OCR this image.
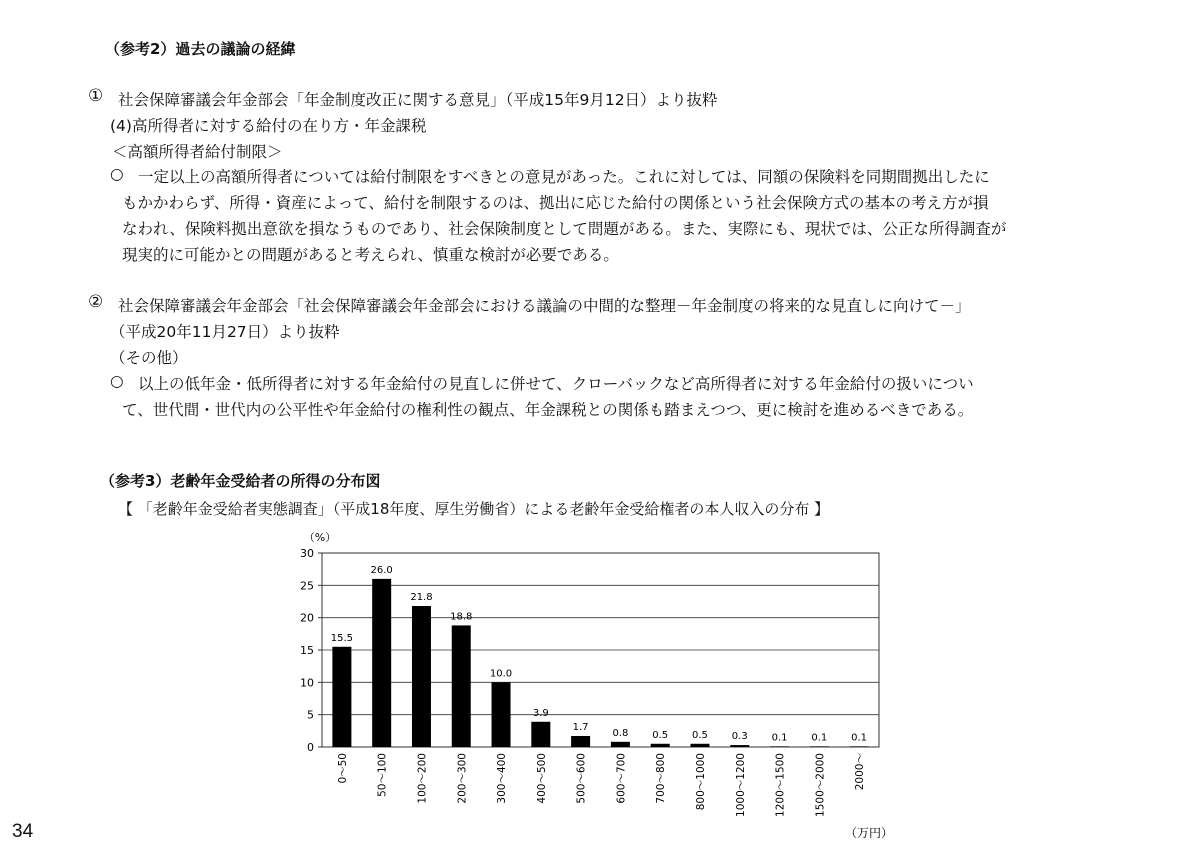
（参考2）過去の議論の経緯
① 社会保障審議会年金部会「年金制度改正に関する意見」（平成15年9月12日）より抜粋
(4)高所得者に対する給付の在り方・年金課税
＜高額所得者給付制限＞
○ 一定以上の高額所得者については給付制限をすべきとの意見があった。これに対しては、同額の保険料を同期間拠出したに
もかかわらず、所得・資産によって、給付を制限するのは、拠出に応じた給付の関係という社会保険方式の基本の考え方が損
なわれ、保険料拠出意欲を損なうものであり、社会保険制度として問題がある。また、実際にも、現状では、公正な所得調査が
現実的に可能かとの問題があると考えられ、慎重な検討が必要である。
② 社会保障審議会年金部会「社会保障審議会年金部会における議論の中間的な整理－年金制度の将来的な見直しに向けて－」
（平成20年11月27日）より抜粋
（その他）
○ 以上の低年金・低所得者に対する年金給付の見直しに併せて、クローバックなど高所得者に対する年金給付の扱いについ
て、世代間・世代内の公平性や年金給付の権利性の観点、年金課税との関係も踏まえつつ、更に検討を進めるべきである。
（参考3）老齢年金受給者の所得の分布図
【 「老齢年金受給者実態調査」（平成18年度、厚生労働省）による老齢年金受給権者の本人収入の分布 】
0
5
10
15
20
25
30
（%）
15.5
0～50
26.0
50～100
21.8
100～200
18.8
200～300
10.0
300～400
3.9
400～500
1.7
500～600
0.8
600～700
0.5
700～800
0.5
800～1000
0.3
1000～1200
0.1
1200～1500
0.1
1500～2000
0.1
2000～
（万円）
34
